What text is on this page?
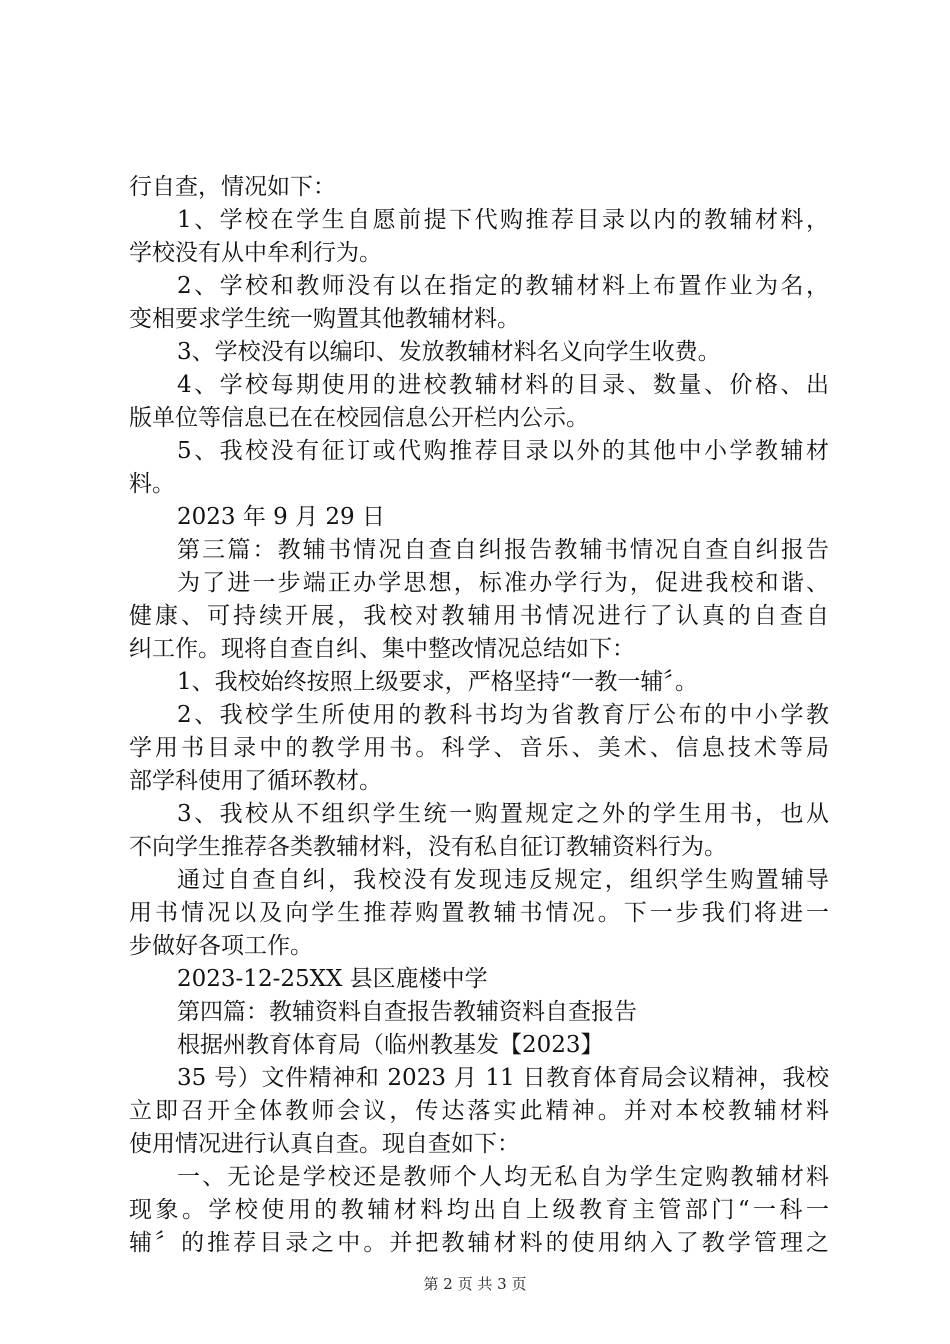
行自查，情况如下：
1、学校在学生自愿前提下代购推荐目录以内的教辅材料，
学校没有从中牟利行为。
2、学校和教师没有以在指定的教辅材料上布置作业为名，
变相要求学生统一购置其他教辅材料。
3、学校没有以编印、发放教辅材料名义向学生收费。
4、学校每期使用的进校教辅材料的目录、数量、价格、出
版单位等信息已在在校园信息公开栏内公示。
5、我校没有征订或代购推荐目录以外的其他中小学教辅材
料。
2023 年 9 月 29 日
第三篇：教辅书情况自查自纠报告教辅书情况自查自纠报告
为了进一步端正办学思想，标准办学行为，促进我校和谐、
健康、可持续开展，我校对教辅用书情况进行了认真的自查自
纠工作。现将自查自纠、集中整改情况总结如下：
1、我校始终按照上级要求，严格坚持“一教一辅〞。
2、我校学生所使用的教科书均为省教育厅公布的中小学教
学用书目录中的教学用书。科学、音乐、美术、信息技术等局
部学科使用了循环教材。
3、我校从不组织学生统一购置规定之外的学生用书，也从
不向学生推荐各类教辅材料，没有私自征订教辅资料行为。
通过自查自纠，我校没有发现违反规定，组织学生购置辅导
用书情况以及向学生推荐购置教辅书情况。下一步我们将进一
步做好各项工作。
2023-12-25XX 县区鹿楼中学
第四篇：教辅资料自查报告教辅资料自查报告
根据州教育体育局（临州教基发【2023】
35 号）文件精神和 2023 月 11 日教育体育局会议精神，我校
立即召开全体教师会议，传达落实此精神。并对本校教辅材料
使用情况进行认真自查。现自查如下：
一、无论是学校还是教师个人均无私自为学生定购教辅材料
现象。学校使用的教辅材料均出自上级教育主管部门“一科一
辅〞的推荐目录之中。并把教辅材料的使用纳入了教学管理之
第 2 页 共 3 页
